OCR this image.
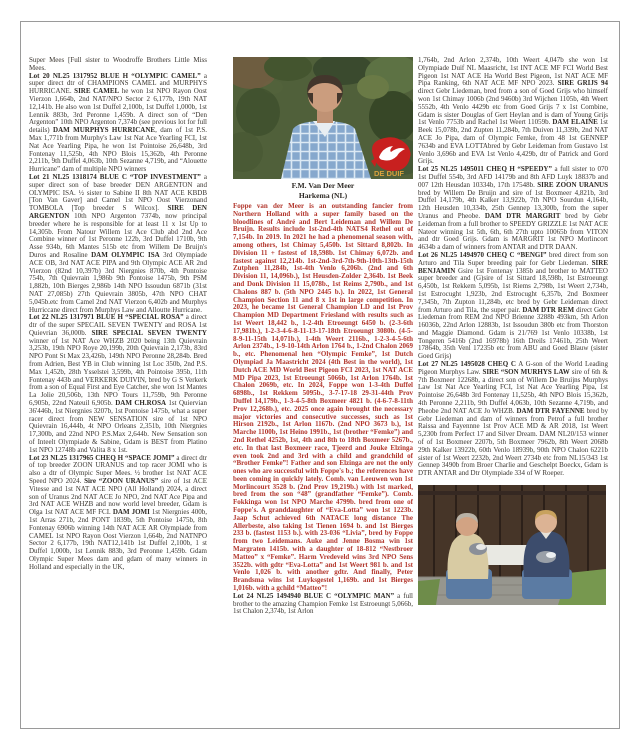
Super Mees [Full sister to Woodroffe Brothers Little Miss Mees.

Lot 20 NL25 1317952 BLUE H “OLYMPIC CAMEL” a super direct dtr of CHAMPIONS CAMEL and MURPHYS HURRICANE. SIRE CAMEL he won 1st NPO Rayon Oost Vierzon 1,664b, 2nd NAT/NPO Sector 2 6,177b, 19th NAT 12,141b. He also won 1st Duffel 2,100b, 1st Duffel 1,000b, 1st Lennik 883b, 3rd Peronne 1,459b. A direct son of “Den Argenton” 10th NPO Argenton 7,374b (see previous lot for full details) DAM MURPHYS HURRICANE, dam of 1st P.S. Max 1,771b from Murphy's Law 1st Nat Ace Yearling FCI, 1st Nat Ace Yearling Pipa, he won 1st Pointoise 26,648b, 3rd Fontenay 11,525b, 4th NPO Blois 15,362b, 4th Peronne 2,211b, 9th Duffel 4,063b, 10th Sezanne 4,719b, and “Alouette Hurricane” dam of multiple NPO winners

Lot 21 NL25 1318174 BLUE C “TOP INVESTMENT” a super direct son of base breeder DEN ARGENTON and OLYMPIC ISA. ½ sister to Sabine II 8th NAT ACE KBDB [Ton Van Gaver] and Camel 1st NPO Oost Vierzonand TOMBOLA [Top breeder S Wilcox]. SIRE DEN ARGENTON 10th NPO Argenton 7374b, now principal breeder where he is responsible for at least 11 x 1st Up to 14,305b. From Natour Willem 1st Ace Club abd 2nd Ace Combine winner of 1st Peronne 122b, 3rd Duffel 1710b, 9th Asse 934b, 6th Mantes 515b etc from Willem De Bruijn's Duros and Rosaline DAM OLYMPIC ISA 3rd Olympiade ACE OB, 3rd NAT ACE PIPA and 9th Olympic ACE AR 2nd Vierzon (82nd 10,397b) 3rd Niergnies 870b, 4th Pontoise 754b, 7th Quievrain 1,986b 9th Pontoise 1475b, 9th PSM 1,882b, 10th Bierges 2,986b 14th NPO Issoudun 6871b (31st NAT 27,085b) 27th Quievrain 3805b, 47th NPO CHAT 5,045b.etc from Camel 2nd NAT Vierzon 6,402b and Murphys Hurriccane direct from Murphys Law and Alloutte Hurricane.

Lot 22 NL25 1317971 BLUE H “SPECIAL ROSA” a direct dtr of the super SPECAIL SEVEN TWENTY and ROSA 1st Quievrian 36,000b. SIRE SPECIAL SEVEN TWENTY winner of 1st NAT Ace WHZB 2020 being 13th Quievrain 3,253b, 19th NPO Roye 20,199b, 20th Quievrain 2,173b, 83rd NPO Pont St Max 23,426b, 149th NPO Peronne 28,284b. Bred from Adrien, Best YB in Club winning 1st Loc 350b, 2nd P.S. Max 1,452b, 28th Ysselstei 3,599b, 4th Pointoise 395b, 11th Fontenay 443b and VERKERK DUIVIN, bred by G S Verkerk from a son of Equal First and Eye Catcher, she won 1st Mantes La Jolie 20,506b, 13th NPO Tours 11,759b, 9th Peronne 6,905b, 22nd Nateuil 6,905b. DAM CH.ROSA 1st Quiervian 36'446b, 1st Niergnies 3207b, 1st Pontoise 1475b, what a super racer direct from NEW SENSATION sire of 1st NPO Quievrain 16,444b, 4t NPO Orleans 2,351b, 10th Niergnies 17,300b, and 22nd NPO P.S.Max 2,644b. New Sensation son of Inteelt Olympiade & Sabine, Gdam is BEST from Platino 1st NPO 12748b and Valita 8 x 1st.

Lot 23 NL25 1317965 CHEQ H “SPACE JOMI” a direct dtr of top breeder ZOON URANUS and top racer JOMI who is also a dtr of Olympic Super Mees. ½ brother 1st NAT ACE Speed NPO 2024. Sire “ZOON URANUS” sire of 1st ACE Vitesse and 1st NAT ACE NPO (All Holland) 2024, a direct son of Uranus 2nd NAT ACE Jo NPO, 2nd NAT Ace Pipa and 3rd NAT ACE WHZB and now world level breeder, Gdam is Olga 1st NAT ACE MF FCI. DAM JOMI 1st Niergnies 400b, 1st Arras 271b, 2nd PONT 1839b, 5th Pontoise 1475b, 8th Fontenay 6906b winning 14th NAT ACE AR Olympiade from CAMEL 1st NPO Rayon Oost Vierzon 1,664b, 2nd NATNPO Sector 2 6,177b, 19th NAT12,141b 1st Duffel 2,100b, 1 st Duffel 1,000b, 1st Lennik 883b, 3rd Peronne 1,459b. Gdam Olympic Super Mees dam and gdam of many winners in Holland and especially in the UK,

DE DUIF
F.M. Van Der Meer
Harkema (NL)

Foppe van der Meer is an outstanding fancier from Northern Holland with a super family based on the bloodlines of André and Bert Leideman and Willem De Bruijn. Results include 1st-2nd-4th NATS4 Rethel out of 7,154b. In 2019. In 2021 he had a phenomenal season with, among others, 1st Chimay 5,450b. 1st Sittard 8,802b. In Division 11 + fastest of 18,598b. 1st Chimay 6,072b. and fastest against 12,214b. 1st-2nd-3rd-7th-9th-10th-13th-15th Zutphen 11,284b, 1st-4th Venlo 6,206b. (2nd and 6th Division 11, 14,096b.), 1st Heusden-Zolder 2,364b. 1st Beek and Donk Division 11 15,078b., 1st Reims 2,790b., and 1st Chalons 887 b. (5th NPO 2445 b.). In 2022, 1st General Champion Section 11 and 8 x 1st in large competition. In 2023, he became 1st General Champion LD and 1st Prov Champion MD Department Friesland with results such as 1st Weert 18,442 b., 1-2-4th Etroeungt 6450 b. (2-3-6th 17,981b.), 1-2-3-4-6-8-11-13-17-18th Etroeungt 3080b. (4-5-8-9-11-15th 14,071b.), 1-4th Weert 2116b., 1-2-3-4-5-6th Arlon 2374b., 1-9-10-14th Arlon 1764 b., 1-2nd Chalon 2069 b., etc. Phenomenal hen “Olympic Femke”, 1st Dutch Olympiad Ja Maastricht 2024 (4th Best in the world), 1st Dutch ACE MD World Best Pigeon FCI 2023, 1st NAT ACE MD Pipa 2023, 1st Etroeungt 5066b, 1st Arlon 1764b. 1st Chalon 2069b, etc. In 2024, Foppe won 1-3-4th Duffel 6898b., 1st Rekkem 5095b., 3-7-17-18 29-31-44th Prov Duffel 14,179b., 1-3-4-5-8th Boxmeer 4821 b. (4-6-7-8-11th Prov 12,268b.), etc. 2025 once again brought the necessary major victories and consecutive successes, such as 1st Hirson 2192b., 1st Arlon 1167b. (2nd NPO 3673 b.), 1st Marche 1100b, 1st Heino 1991b., 1st (brother “Femke”) and 2nd Rethel 4252b, 1st, 4th and 8th to 18th Boxmeer 5267b., etc. In that last Boxmeer race, Tjeerd and Jouke Elzinga even took 2nd and 3rd with a child and grandchild of “Brother Femke”! Father and son Elzinga are not the only ones who are successful with Foppe's b.; the references have been coming in quickly lately. Comb. van Leeuwen won 1st Morlincourt 3528 b. (2nd Prov 19,219b.) with 1st marked, bred from the son “48” (grandfather “Femke”). Comb. Fokkinga won 1st NPO Marche 4799b. bred from one of Foppe's. A granddaughter of “Eva-Lotta” won 1st 1223b. Jaap Schut achieved 6th NATACE long distance The Allerbeste, also taking 1st Tienen 1694 b. and 1st Bierges 233 b. (fastest 1153 b.). with 23-036 “Livia”, bred by Foppe from two Leidemans. Auke and Jenne Bosma win 1st Margraten 1415b. with a daughter of 18-812 “Nestbroer Matteo” x “Femke”. Harm Vredeveld wins 3rd NPO Sens 3522b. with gdtr “Eva-Lotta” and 1st Weert 981 b. and 1st Venlo 1,026 b. with another gdtr. And finally, Peter Brandsma wins 1st Luyksgestel 1,169b. and 1st Bierges 1,016b. with a gchild “Matteo”!

Lot 24 NL25 1494940 BLUE C “OLYMPIC MAN” a full brother to the amazing Champion Femke 1st Estroeungt 5,066b, 1st Chalon 2,374b, 1st Arlon

1,764b, 2nd Arlon 2,374b, 10th Weert 4,047b she won 1st Olympiade Duif NL Maasricht, 1st INT ACE MF FCI World Best Pigeon 1st NAT ACE Ha World Best Pigeon, 1st NAT ACE MF Pipa Ranking, 6th NAT ACE MF NPO 2023. SIRE GRIJS 94 direct Gebr Liedeman, bred from a son of Goed Grijs who himself won 1st Chimay 1006b (2nd 9460b) 3rd Wijchen 1105b, 4th Weert 5552b, 4th Venlo 4429b etc from Goed Grijs 7 x 1st Combine, Gdam is sister Douglas of Gert Heylan and is dam of Young Grijs 1st Venlo 7753b and Rachel 1st Weert 11059b. DAM ELAINE 1st Beek 15,078b, 2nd Zupten 11,284b, 7th Duiven 11,339b, 2nd NAT ACE Jo Pipa, dam of Olympic Femke, from 48 1st GENNEP 7634b and EVA LOTTAbred by Gebr Leideman from Gustavo 1st Venlo 3,696b and EVA 1st Venlo 4,429b, dtr of Patrick and Gord Grijs.

Lot 25 NL25 1495011 CHEQ H “SPEEDY” a full sister to 070 1st Duffel 554b, 3rd AFD 14179b and 8th AFD Luyk 18837b and 007 12th Heusdan 10334b, 17th 17548b. SIRE ZOON URANUS bred by Willem De Bruijn and sire of 1st Boxmeer 4,821b, 3rd Duffel 14,179b, 4th Kalker 13,922b, 7th NPO Sourdun 4,164b, 12th Heusden 10,334b, 25th Gennep 13,300b, from the super Uranus and Pheobe. DAM DTR MARGRIT bred by Gebr Leideman from a full brother to SPEEDY GRIZZLE 1st NAT ACE Nateor winning 1st 5th, 6th, 6th 27th upto 10065b from VITON and dtr Goed Grijs. Gdam is MARGRIT 1st NPO Morlincort 4634b a dam of winners from ANTAR and DTR DAAN.

Lot 26 NL25 1494970 CHEQ C “BENGI” bred direct from son Arturo and Tila Super breeding pair for Gebr Liedeman. SIRE BENJAMIN Gsire 1st Fontenay 1385b and brother to MATTEO super breeder and (G)sire of 1st Sittard 18,598b, 1st Estroeungt 6,450b, 1st Rekkem 5,095b, 1st Riems 2,798b, 1st Weert 2,734b, 1st Estrocught 1,923b, 2nd Estrocught 6,357b, 2nd Boxmeer 7,345b, 7th Zupton 11,284b, etc bred by Gebr Leideman direct from Arturo and Tila, the super pair. DAM DTR REM direct Gebr Liedeman from REM 2nd NPO Brienne 3288b 493km, 5th Arlon 16036b, 22nd Arlon 12883b, 1st Issoudun 380b etc from Thorston and Maggie Diamond. Gdam is 21/769 1st Venlo 10338b, 1st Tongeren 5416b (2nd 16978b) 16th Dreils 17461b, 25th Weert 17864b, 35th Venl 17235b etc from ABU and Goed Blauw (sister Goed Grijs)

Lot 27 NL25 1495028 CHEQ C A G-son of the World Leading Pigeon Murphys Law. SIRE “SON MURHYS LAW sire of 6th & 7th Boxmeer 12268b, a direct son of Willem De Bruijns Murphys Law 1st Nat Ace Yearling FCI, 1st Nat Ace Yearling Pipa, 1st Pointoise 26,648b 3rd Fontenay 11,525b, 4th NPO Blois 15,362b, 4th Peronne 2,211b, 9th Duffel 4,063b, 10th Sezanne 4,719b, and Pheobe 2nd NAT ACE Jo WHZB. DAM DTR FAYENNE bred by Gebr Liedeman and dam of winners from Petrof a full brother Raissa and Fayennne 1st Prov ACE MD & AR 2018, 1st Weert 5,230b from Perfect 17 and Silver Dream. DAM NL20/153 winner of of 1st Boxmeer 2207b, 5th Boxmeer 7962b, 8th Weert 2068b 29th Kalker 13922b, 60th Venlo 18939b, 90th NPO Chalon 6221b sister of 1st Weert 2232b, 2nd Weert 2734b etc from NL15/343 1st Gennep 3490b from Broer Charlie and Geschelpt Boeckx, Gdam is DTR ANTAR and Dtr Olympiade 334 of W Roeper.
